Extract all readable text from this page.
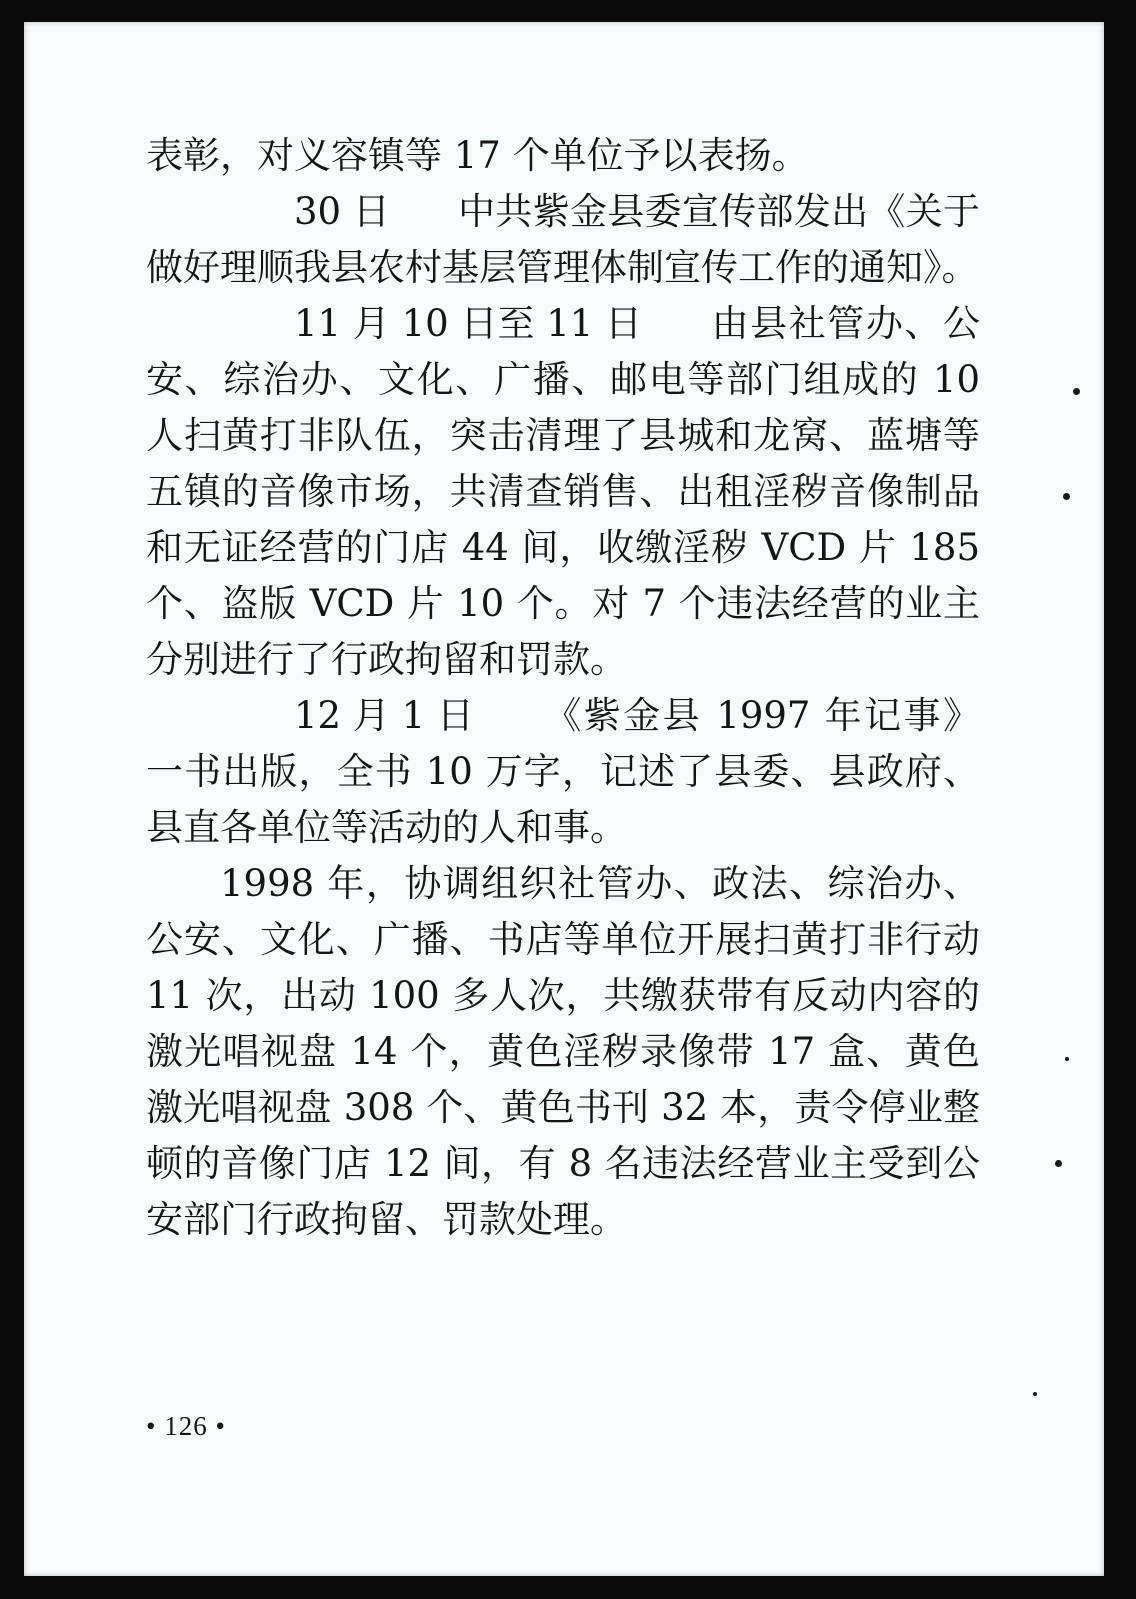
表彰，对义容镇等 17 个单位予以表扬。

30 日 中共紫金县委宣传部发出《关于做好理顺我县农村基层管理体制宣传工作的通知》。

11 月 10 日至 11 日 由县社管办、公安、综治办、文化、广播、邮电等部门组成的 10 人扫黄打非队伍，突击清理了县城和龙窝、蓝塘等五镇的音像市场，共清查销售、出租淫秽音像制品和无证经营的门店 44 间，收缴淫秽 VCD 片 185 个、盗版 VCD 片 10 个。对 7 个违法经营的业主分别进行了行政拘留和罚款。

12 月 1 日 《紫金县 1997 年记事》一书出版，全书 10 万字，记述了县委、县政府、县直各单位等活动的人和事。

1998 年，协调组织社管办、政法、综治办、公安、文化、广播、书店等单位开展扫黄打非行动 11 次，出动 100 多人次，共缴获带有反动内容的激光唱视盘 14 个，黄色淫秽录像带 17 盒、黄色激光唱视盘 308 个、黄色书刊 32 本，责令停业整顿的音像门店 12 间，有 8 名违法经营业主受到公安部门行政拘留、罚款处理。

• 126 •
